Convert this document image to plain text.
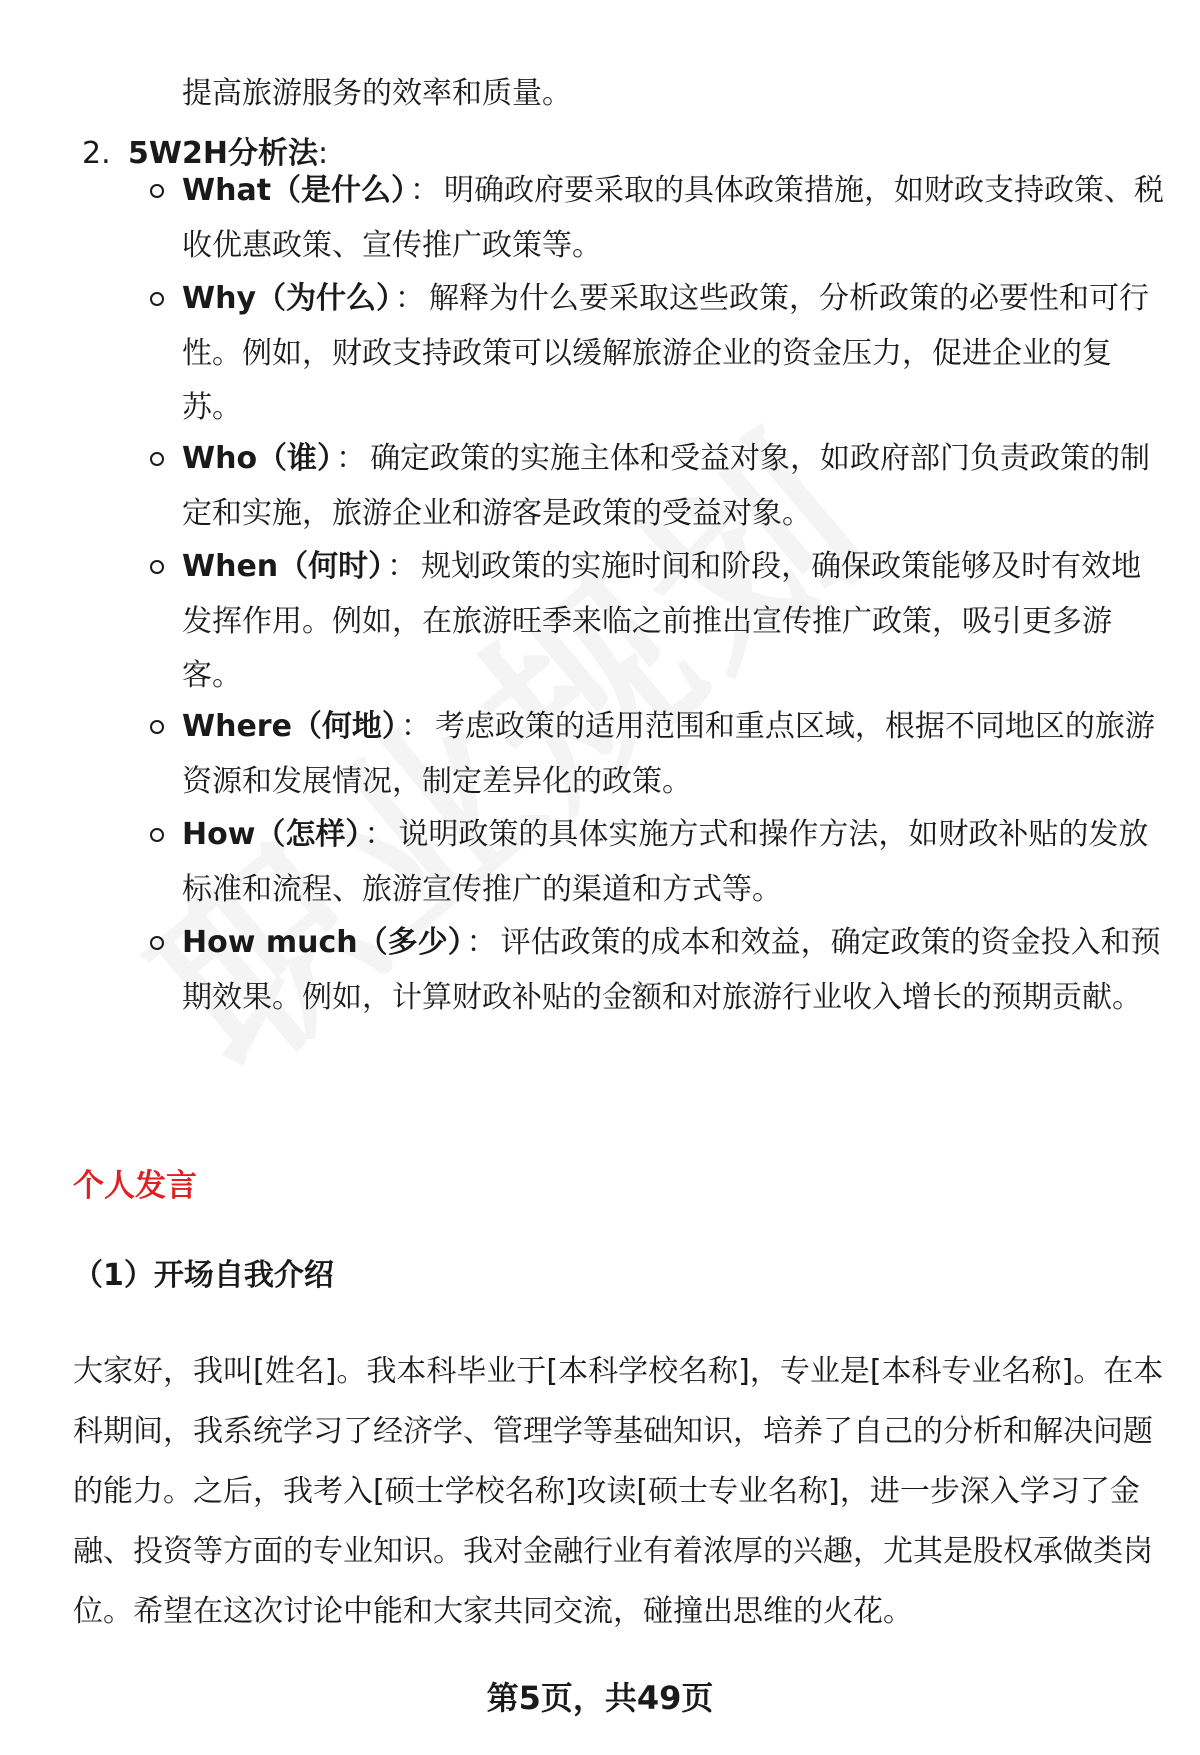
提高旅游服务的效率和质量。
2. 5W2H分析法:
What（是什么） ： 明确政府要采取的具体政策措施，如财政支持政策、税
收优惠政策、宣传推广政策等。
Why（为什么） ： 解释为什么要采取这些政策，分析政策的必要性和可行
性。例如，财政支持政策可以缓解旅游企业的资金压力，促进企业的复
苏。
Who（谁） ： 确定政策的实施主体和受益对象，如政府部门负责政策的制
定和实施，旅游企业和游客是政策的受益对象。
When（何时） ： 规划政策的实施时间和阶段，确保政策能够及时有效地
发挥作用。例如，在旅游旺季来临之前推出宣传推广政策，吸引更多游
客。
Where（何地） ： 考虑政策的适用范围和重点区域，根据不同地区的旅游
资源和发展情况，制定差异化的政策。
How（怎样） ： 说明政策的具体实施方式和操作方法，如财政补贴的发放
标准和流程、旅游宣传推广的渠道和方式等。
How much（多少） ： 评估政策的成本和效益，确定政策的资金投入和预
期效果。例如，计算财政补贴的金额和对旅游行业收入增长的预期贡献。
个人发言
（1）开场自我介绍
大家好，我叫[姓名]。我本科毕业于[本科学校名称]，专业是[本科专业名称]。在本
科期间，我系统学习了经济学、管理学等基础知识，培养了自己的分析和解决问题
的能力。之后，我考入[硕士学校名称]攻读[硕士专业名称]，进一步深入学习了金
融、投资等方面的专业知识。我对金融行业有着浓厚的兴趣，尤其是股权承做类岗
位。希望在这次讨论中能和大家共同交流，碰撞出思维的火花。
第5页，共49页
